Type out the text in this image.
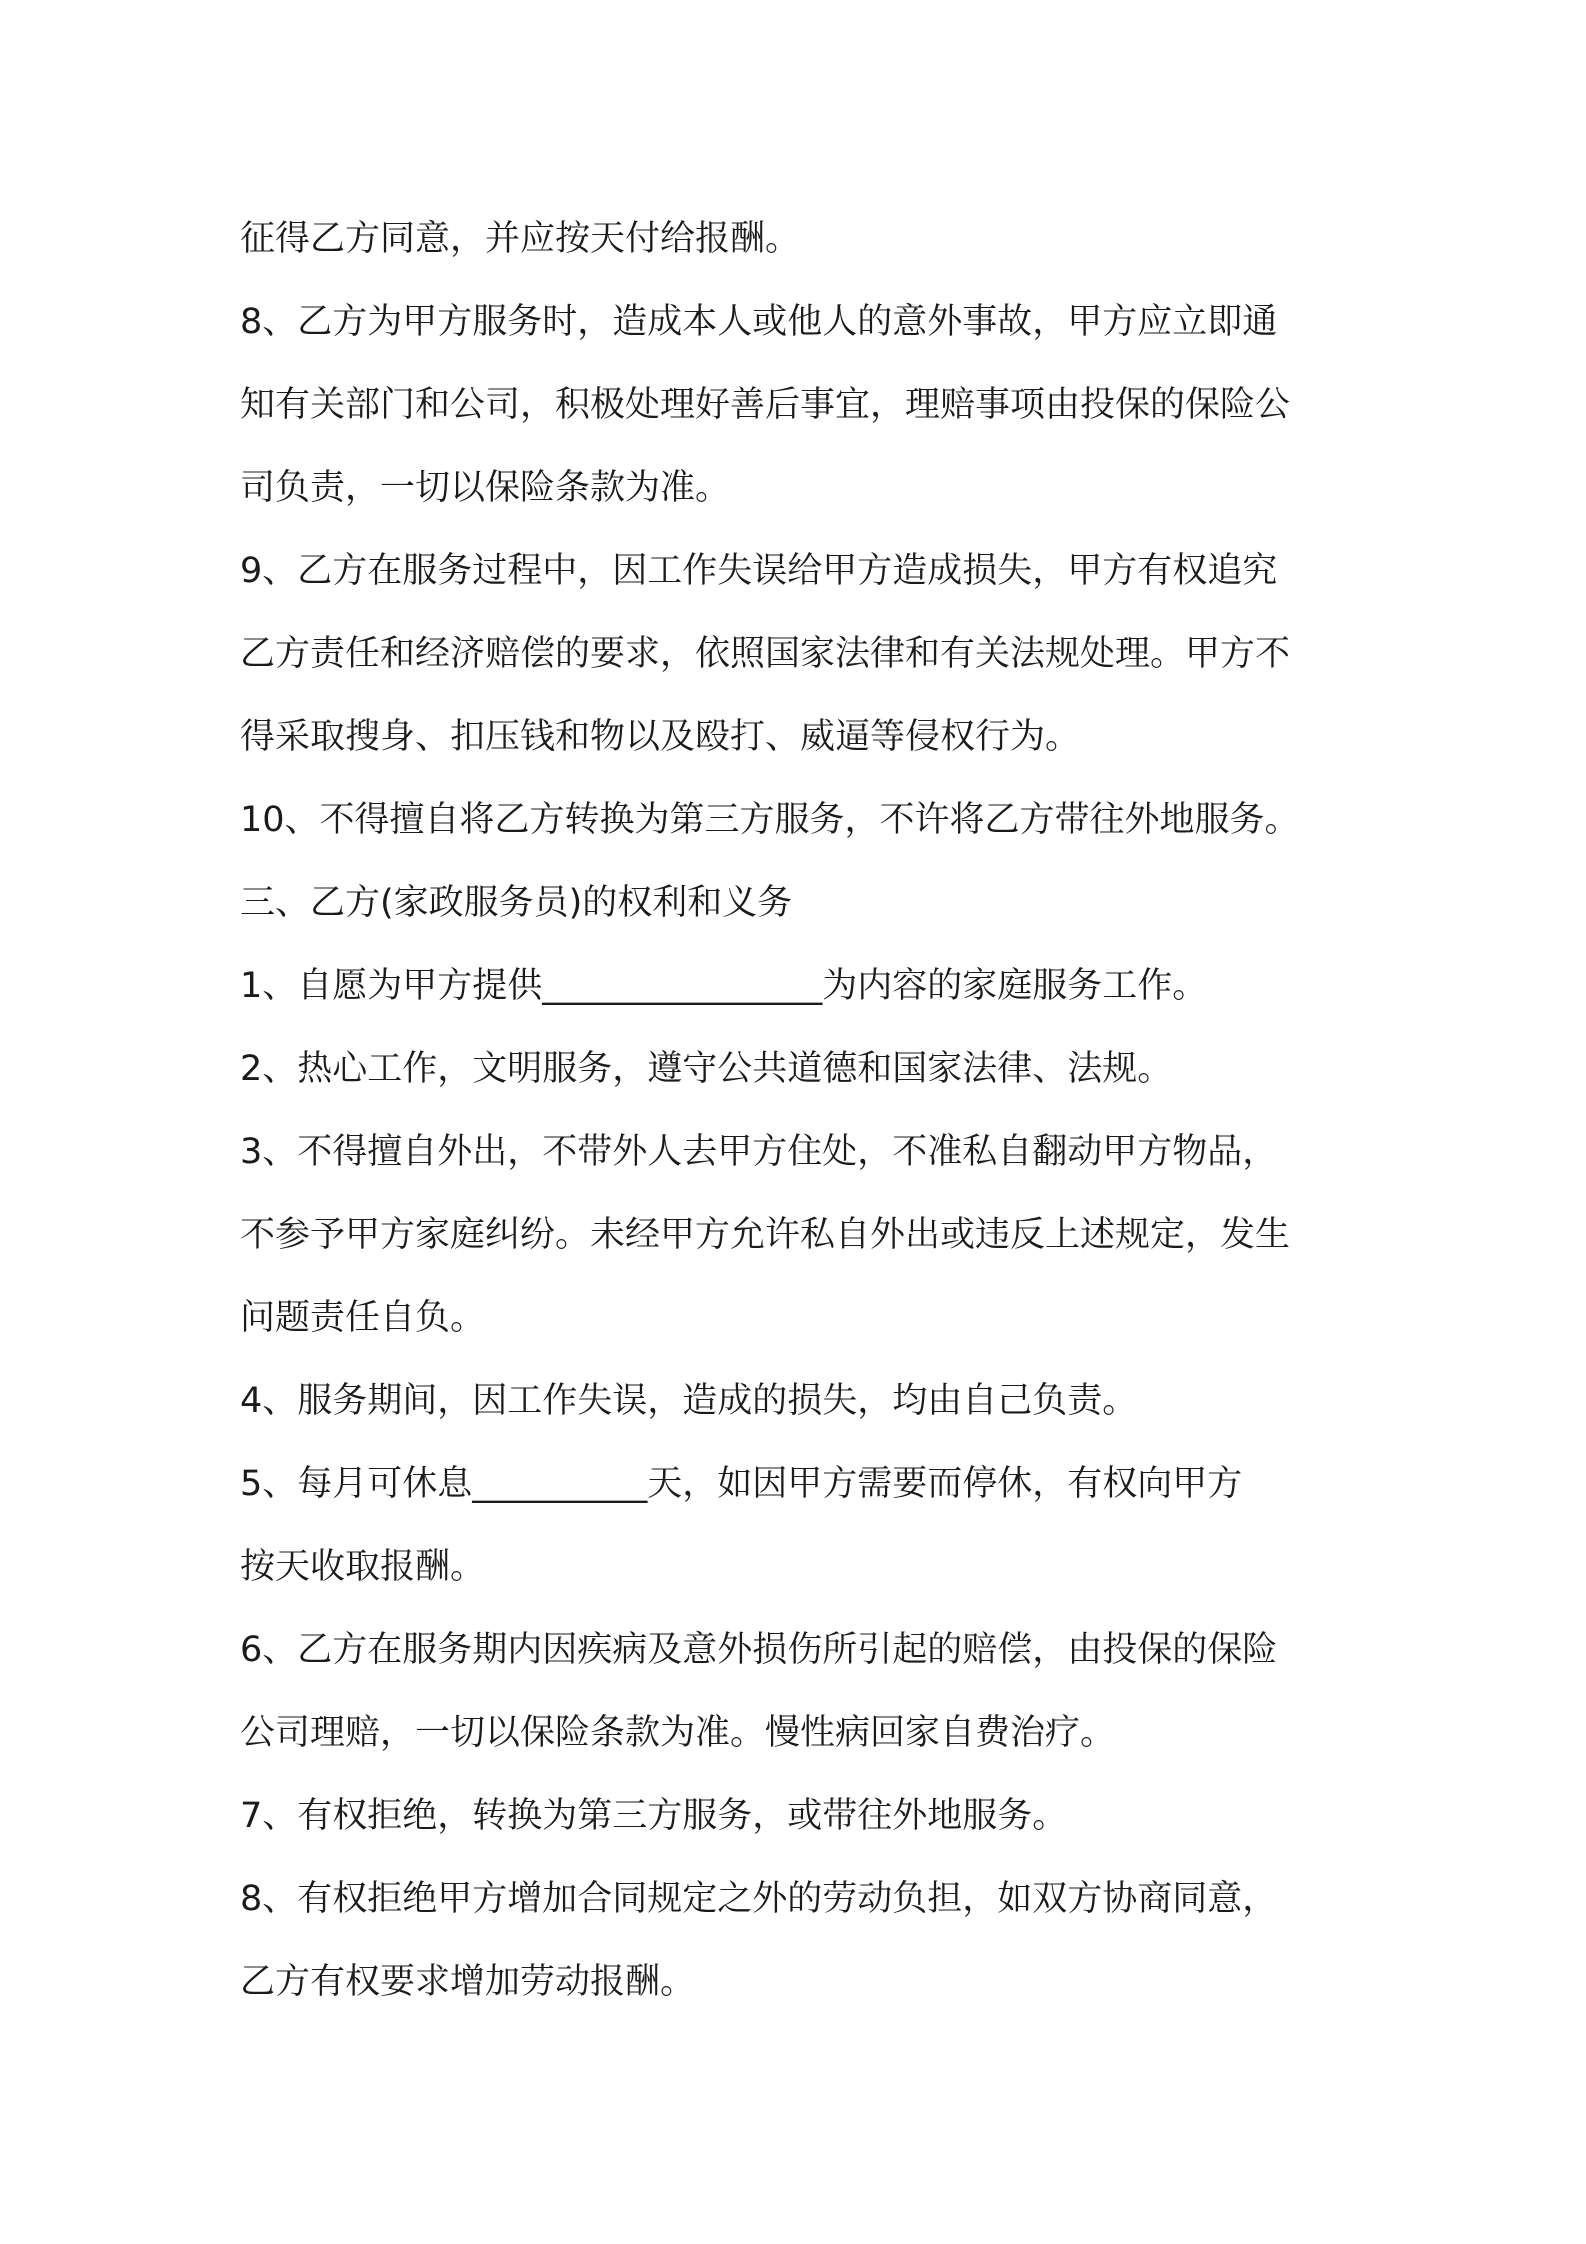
征得乙方同意，并应按天付给报酬。
8、乙方为甲方服务时，造成本人或他人的意外事故，甲方应立即通
知有关部门和公司，积极处理好善后事宜，理赔事项由投保的保险公
司负责，一切以保险条款为准。
9、乙方在服务过程中，因工作失误给甲方造成损失，甲方有权追究
乙方责任和经济赔偿的要求，依照国家法律和有关法规处理。甲方不
得采取搜身、扣压钱和物以及殴打、威逼等侵权行为。
10、不得擅自将乙方转换为第三方服务，不许将乙方带往外地服务。
三、乙方(家政服务员)的权利和义务
1、自愿为甲方提供________________为内容的家庭服务工作。
2、热心工作，文明服务，遵守公共道德和国家法律、法规。
3、不得擅自外出，不带外人去甲方住处，不准私自翻动甲方物品，
不参予甲方家庭纠纷。未经甲方允许私自外出或违反上述规定，发生
问题责任自负。
4、服务期间，因工作失误，造成的损失，均由自己负责。
5、每月可休息__________天，如因甲方需要而停休，有权向甲方
按天收取报酬。
6、乙方在服务期内因疾病及意外损伤所引起的赔偿，由投保的保险
公司理赔，一切以保险条款为准。慢性病回家自费治疗。
7、有权拒绝，转换为第三方服务，或带往外地服务。
8、有权拒绝甲方增加合同规定之外的劳动负担，如双方协商同意，
乙方有权要求增加劳动报酬。
